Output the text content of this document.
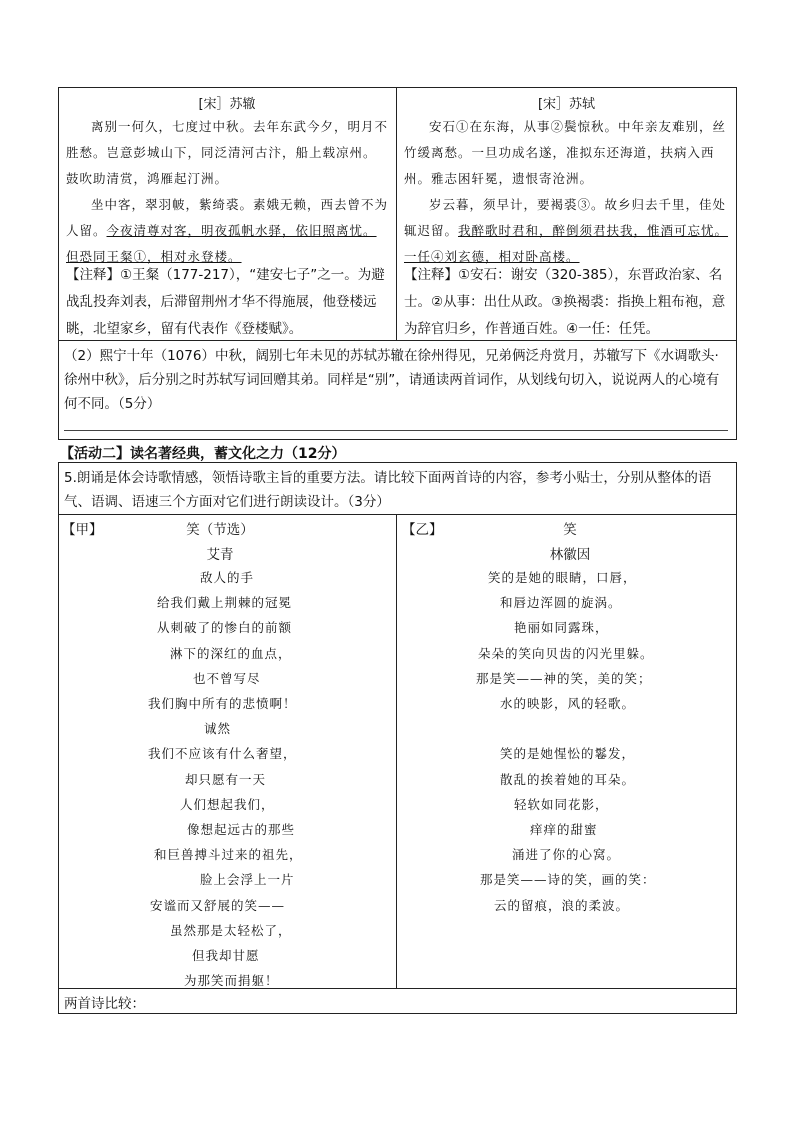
[宋］苏辙
离别一何久，七度过中秋。去年东武今夕，明月不胜愁。岂意彭城山下，同泛清河古汴，船上载凉州。鼓吹助清赏，鸿雁起汀洲。
坐中客，翠羽帔，紫绮裘。素娥无赖，西去曾不为人留。今夜清尊对客，明夜孤帆水驿，依旧照离忧。但恐同王粲①，相对永登楼。
【注释】①王粲（177-217），“建安七子”之一。为避战乱投奔刘表，后滞留荆州才华不得施展，他登楼远眺，北望家乡，留有代表作《登楼赋》。
[宋］苏轼
安石①在东海，从事②鬓惊秋。中年亲友难别，丝竹缓离愁。一旦功成名遂，准拟东还海道，扶病入西州。雅志困轩冕，遗恨寄沧洲。
岁云暮，须早计，要褐裘③。故乡归去千里，佳处辄迟留。我醉歌时君和，醉倒须君扶我，惟酒可忘忧。一任④刘玄德，相对卧高楼。
【注释】①安石：谢安（320-385），东晋政治家、名士。②从事：出仕从政。③换褐裘：指换上粗布袍，意为辞官归乡，作普通百姓。④一任：任凭。
（2）熙宁十年（1076）中秋，阔别七年未见的苏轼苏辙在徐州得见，兄弟俩泛舟赏月，苏辙写下《水调歌头·徐州中秋》，后分别之时苏轼写词回赠其弟。同样是“别”，请通读两首词作，从划线句切入，说说两人的心境有何不同。（5分）
【活动二】读名著经典，蓄文化之力（12分）
5.朗诵是体会诗歌情感，领悟诗歌主旨的重要方法。请比较下面两首诗的内容，参考小贴士，分别从整体的语气、语调、语速三个方面对它们进行朗读设计。（3分）
【甲】	笑（节选）
艾青
敌人的手
给我们戴上荆棘的冠冕
从刺破了的惨白的前额
淋下的深红的血点，
也不曾写尽
我们胸中所有的悲愤啊！
诚然
我们不应该有什么奢望，
却只愿有一天
人们想起我们，
像想起远古的那些
和巨兽搏斗过来的祖先，
脸上会浮上一片
安谧而又舒展的笑——
虽然那是太轻松了，
但我却甘愿
为那笑而捐躯！
【乙】	笑
林徽因
笑的是她的眼睛，口唇，
和唇边浑圆的旋涡。
艳丽如同露珠，
朵朵的笑向贝齿的闪光里躲。
那是笑——神的笑，美的笑；
水的映影，风的轻歌。
笑的是她惺忪的鬈发，
散乱的挨着她的耳朵。
轻软如同花影，
痒痒的甜蜜
涌进了你的心窝。
那是笑——诗的笑，画的笑：
云的留痕，浪的柔波。
两首诗比较：
